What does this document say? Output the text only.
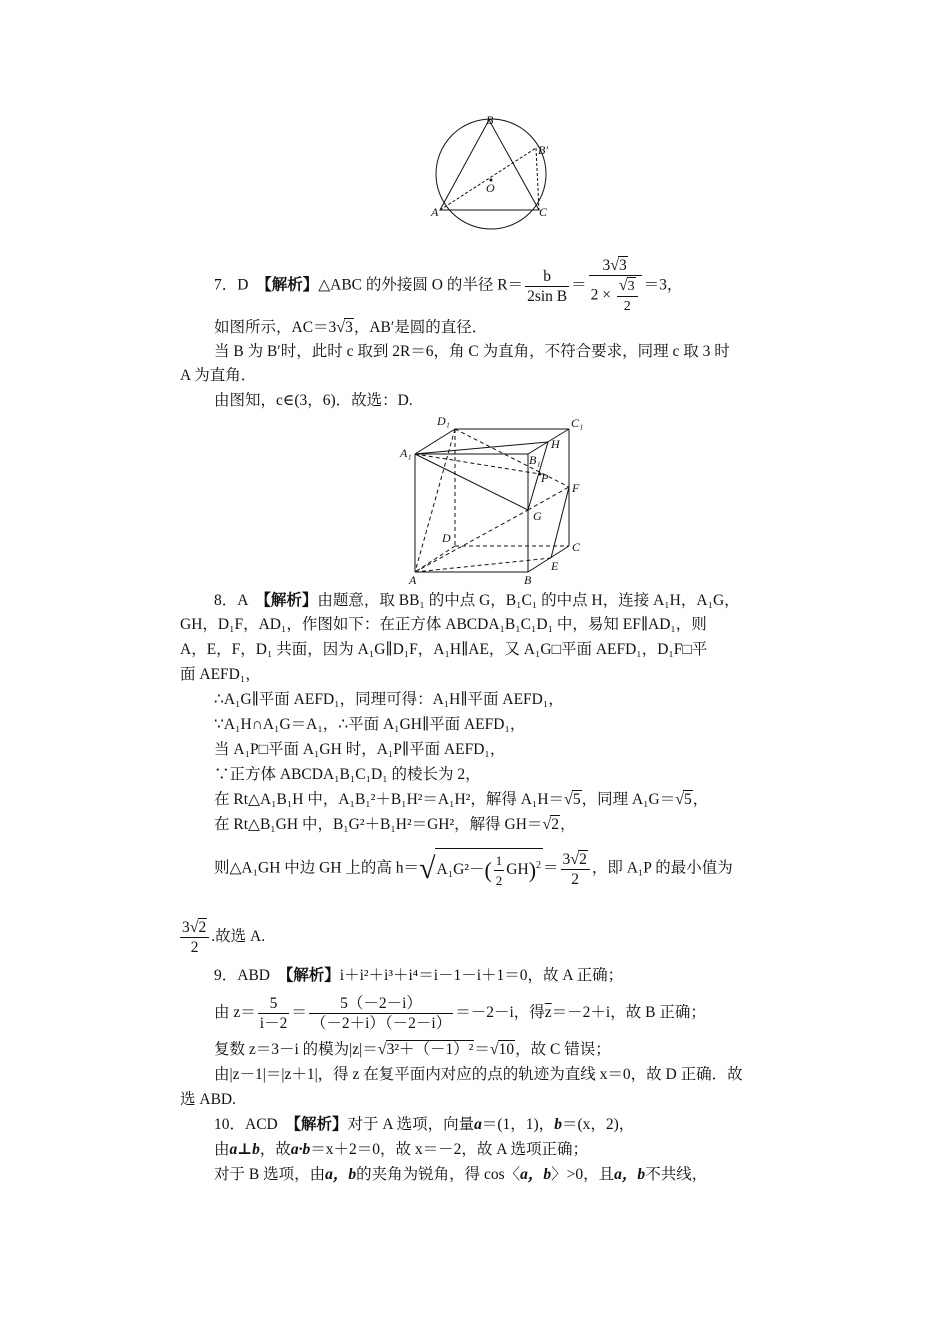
B
B′
O
A	C
7．D　 【解析】△ABC 的外接圆 O 的半径 $R= \frac{b}{\text{2sin B}} = \frac{3√3}{2 \times \frac{√3}{2}} =3$，
如图所示，AC＝3√3，AB′是圆的直径．
当 B 为 B′时，此时 c 取到 2R＝6，角 C 为直角，不符合要求，同理 c 取 3 时
A 为直角．
由图知，c∈(3，6)．故选：D.
D₁	C₁
A₁
H
B₁
P
F
G
D
C
A	B
E
8．A　 【解析】由题意，取 BB₁ 的中点 G，B₁C₁ 的中点 H，连接 A₁H，A₁G，
GH，D₁F，AD₁，作图如下：在正方体 ABCDA₁B₁C₁D₁ 中，易知 EF∥AD₁，则
A，E，F，D₁ 共面，因为 A₁G∥D₁F，A₁H∥AE，又 A₁G□平面 AEFD₁，D₁F□平
面 AEFD₁，
∴A₁G∥平面 AEFD₁，同理可得：A₁H∥平面 AEFD₁，
∵A₁H∩A₁G＝A₁，∴平面 A₁GH∥平面 AEFD₁，
当 A₁P□平面 A₁GH 时，A₁P∥平面 AEFD₁，
∵正方体 ABCDA₁B₁C₁D₁ 的棱长为 2，
在 Rt△A₁B₁H 中，A₁B₁²＋B₁H²＝A₁H²，解得 A₁H＝√5，同理 A₁G＝√5，
在 Rt△B₁GH 中，B₁G²＋B₁H²＝GH²，解得 GH＝√2，
则△A₁GH 中边 GH 上的高 $h=√A_1G^2-( \frac{1}{2} GH)^2 = \frac{3√2}{2}$ ，即 A₁P 的最小值为
$\frac{3√2}{2}$ .故选 A.
9．ABD　 【解析】i＋i²＋i³＋i⁴＝i－1－i＋1＝0，故 A 正确；
由 $z= \frac{5}{i-2} = \frac{5(-2-i)}{(-2+i)(-2-i)} =-2-i$，得$\overline{z}=-2+i$，故 B 正确；
复数 z＝3－i 的模为|z|＝√3²＋（－1）²＝√10，故 C 错误；
由|z－1|＝|z＋1|，得 z 在复平面内对应的点的轨迹为直线 x＝0，故 D 正确．故
选 ABD.
10．ACD　 【解析】对于 A 选项，向量a＝(1，1)，b＝(x，2)，
由a⊥b，故a·b＝x＋2＝0，故 x＝－2，故 A 选项正确；
对于 B 选项，由a，b的夹角为锐角，得 cos〈a，b〉>0，且a，b不共线，
